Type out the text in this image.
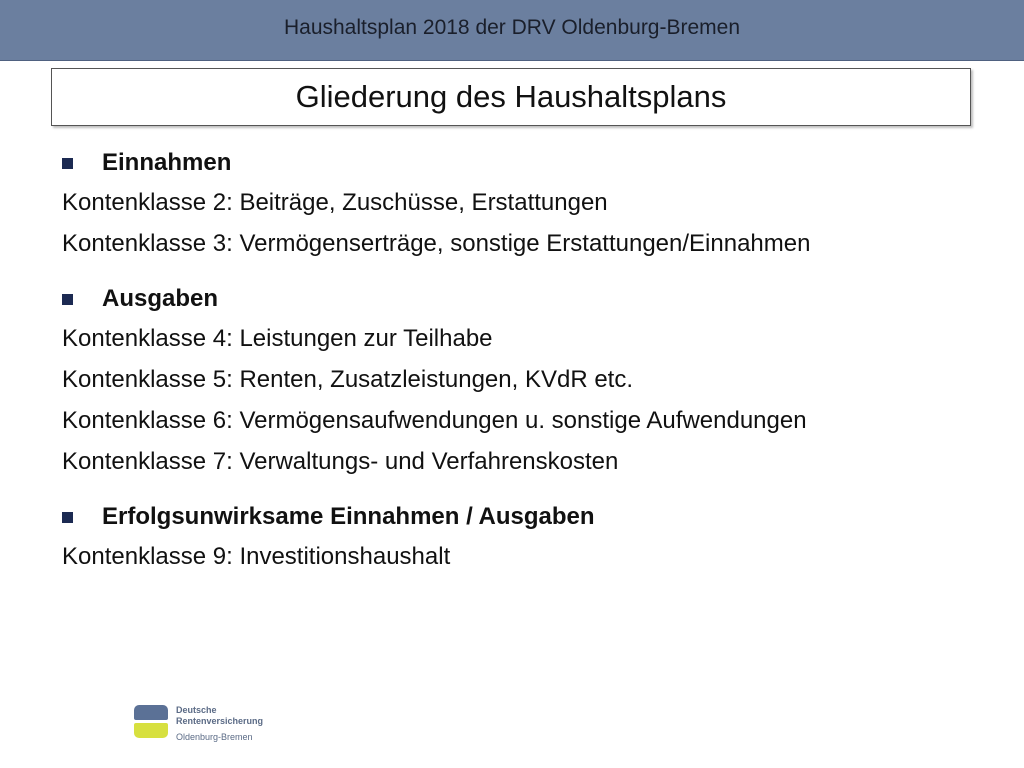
Haushaltsplan 2018 der DRV Oldenburg-Bremen
Gliederung des Haushaltsplans
Einnahmen
Kontenklasse 2: Beiträge, Zuschüsse, Erstattungen
Kontenklasse 3: Vermögenserträge, sonstige Erstattungen/Einnahmen
Ausgaben
Kontenklasse 4: Leistungen zur Teilhabe
Kontenklasse 5: Renten, Zusatzleistungen, KVdR etc.
Kontenklasse 6: Vermögensaufwendungen u. sonstige Aufwendungen
Kontenklasse 7: Verwaltungs- und Verfahrenskosten
Erfolgsunwirksame Einnahmen / Ausgaben
Kontenklasse 9: Investitionshaushalt
Deutsche
Rentenversicherung
Oldenburg-Bremen
